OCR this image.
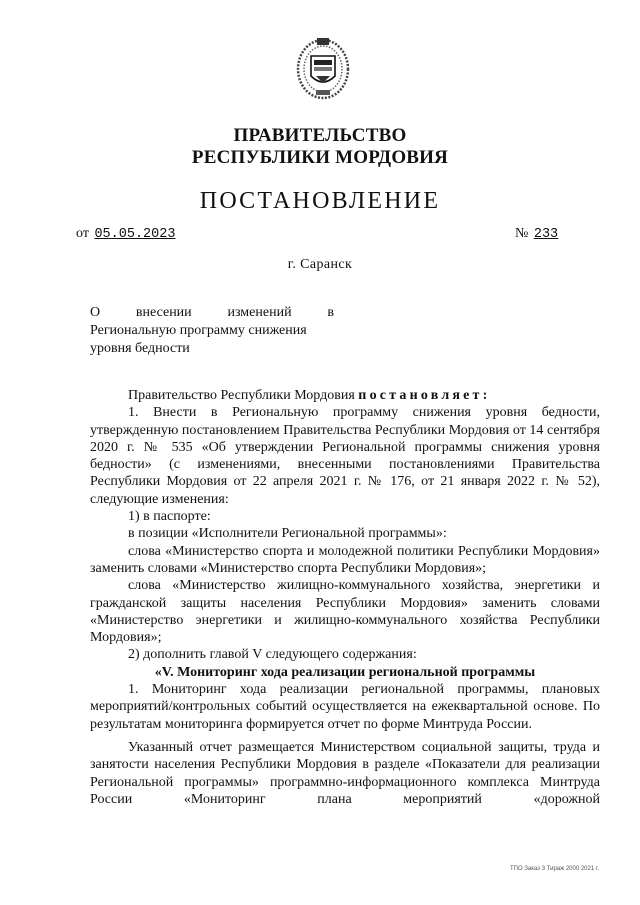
ПРАВИТЕЛЬСТВО
РЕСПУБЛИКИ МОРДОВИЯ
ПОСТАНОВЛЕНИЕ
от 05.05.2023	№ 233
г. Саранск
О внесении изменений в
Региональную программу снижения
уровня бедности

Правительство Республики Мордовия постановляет:

1. Внести в Региональную программу снижения уровня бедности, утвержденную постановлением Правительства Республики Мордовия от 14 сентября 2020 г. № 535 «Об утверждении Региональной программы снижения уровня бедности» (с изменениями, внесенными постановлениями Правительства Республики Мордовия от 22 апреля 2021 г. № 176, от 21 января 2022 г. № 52), следующие изменения:

1) в паспорте:

в позиции «Исполнители Региональной программы»:

слова «Министерство спорта и молодежной политики Республики Мордовия» заменить словами «Министерство спорта Республики Мордовия»;

слова «Министерство жилищно-коммунального хозяйства, энергетики и гражданской защиты населения Республики Мордовия» заменить словами «Министерство энергетики и жилищно-коммунального хозяйства Республики Мордовия»;

2) дополнить главой V следующего содержания:

«V. Мониторинг хода реализации региональной программы

1. Мониторинг хода реализации региональной программы, плановых мероприятий/контрольных событий осуществляется на ежеквартальной основе. По результатам мониторинга формируется отчет по форме Минтруда России.

Указанный отчет размещается Министерством социальной защиты, труда и занятости населения Республики Мордовия в разделе «Показатели для реализации Региональной программы» программно-информационного комплекса Минтруда России «Мониторинг плана мероприятий «дорожной

ТПО Заказ 3 Тираж 2000 2021 г.
